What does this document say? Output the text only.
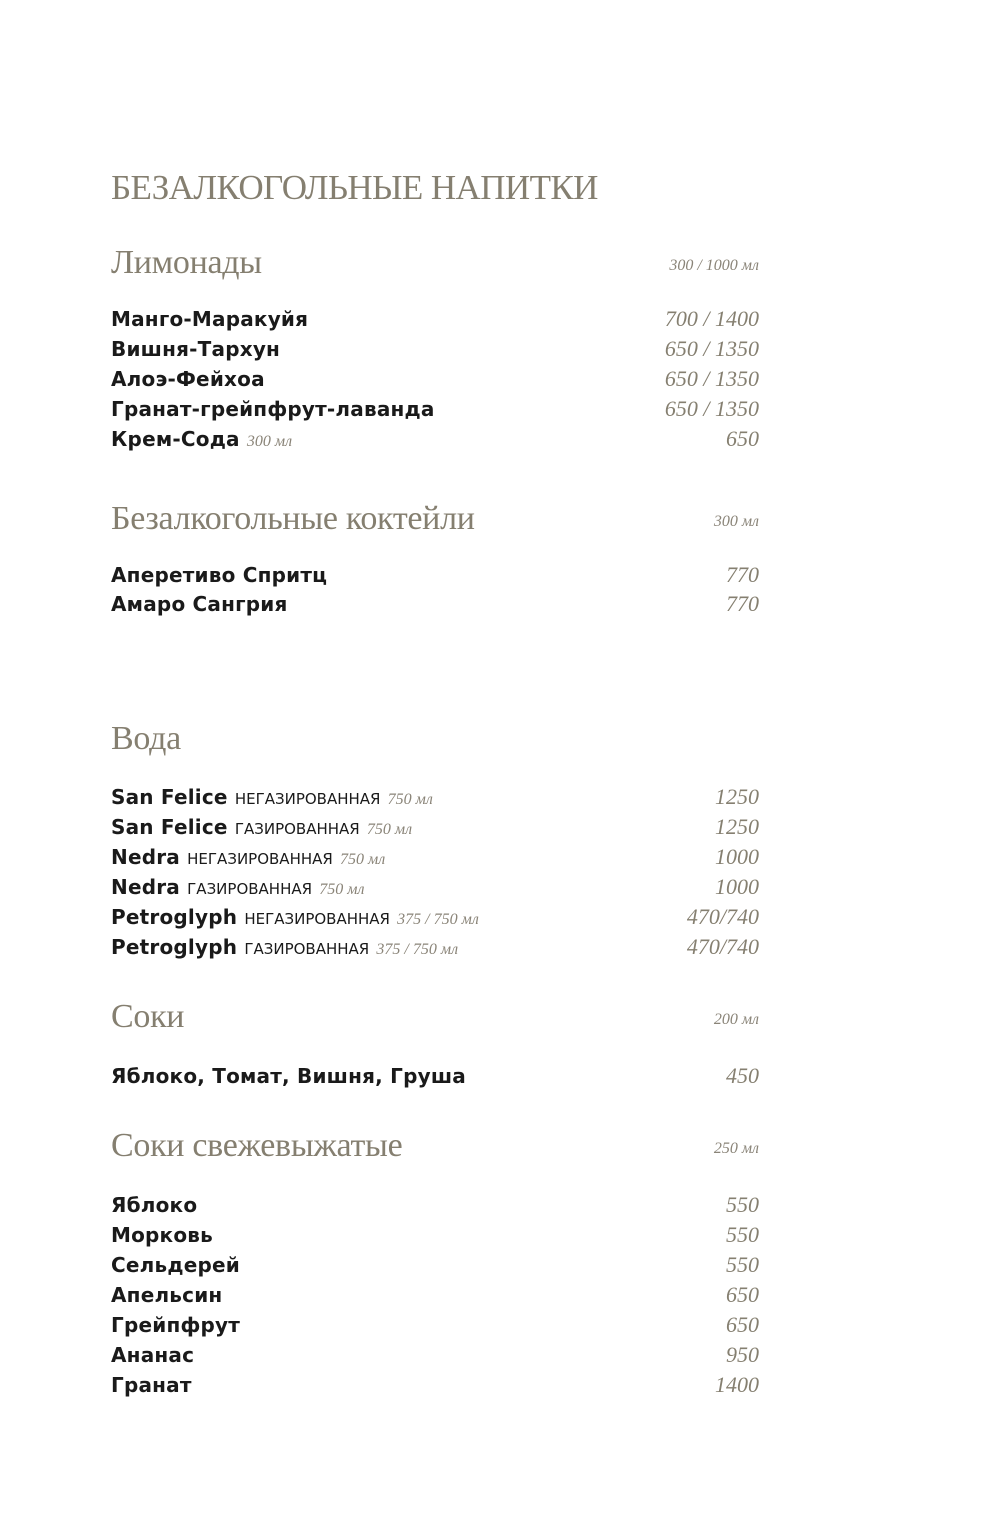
БЕЗАЛКОГОЛЬНЫЕ НАПИТКИ
Лимонады	300 / 1000 мл
Манго-Маракуйя	700 / 1400
Вишня-Тархун	650 / 1350
Алоэ-Фейхоа	650 / 1350
Гранат-грейпфрут-лаванда	650 / 1350
Крем-Сода 300 мл	650
Безалкогольные коктейли	300 мл
Аперетиво Спритц	770
Амаро Сангрия	770
Вода
San Felice НЕГАЗИРОВАННАЯ 750 мл	1250
San Felice ГАЗИРОВАННАЯ 750 мл	1250
Nedra НЕГАЗИРОВАННАЯ 750 мл	1000
Nedra ГАЗИРОВАННАЯ 750 мл	1000
Petroglyph НЕГАЗИРОВАННАЯ 375 / 750 мл	470/740
Petroglyph ГАЗИРОВАННАЯ 375 / 750 мл	470/740
Соки	200 мл
Яблоко, Томат, Вишня, Груша	450
Соки свежевыжатые	250 мл
Яблоко	550
Морковь	550
Сельдерей	550
Апельсин	650
Грейпфрут	650
Ананас	950
Гранат	1400
